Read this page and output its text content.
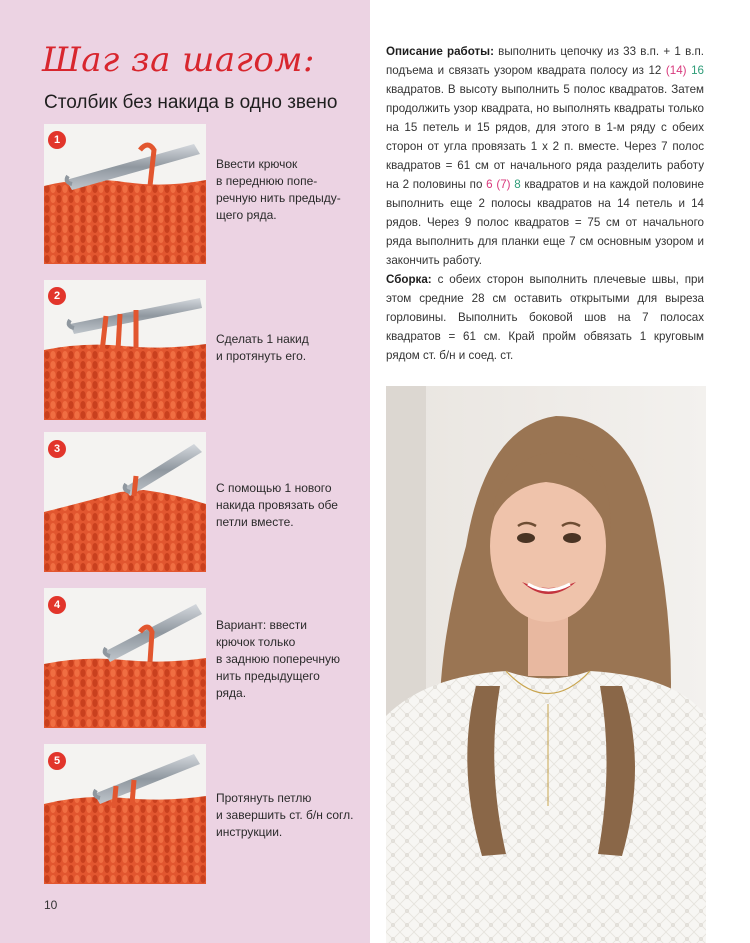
Шаг за шагом:
Столбик без накида в одно звено
1
Ввести крючок
в переднюю попе-
речную нить предыду-
щего ряда.
2
Сделать 1 накид
и протянуть его.
3
С помощью 1 нового
накида провязать обе
петли вместе.
4
Вариант: ввести
крючок только
в заднюю поперечную
нить предыдущего
ряда.
5
Протянуть петлю
и завершить ст. б/н согл.
инструкции.
10
Описание работы: выполнить цепочку из 33 в.п. + 1 в.п. подъема и связать узором квадрата полосу из 12 (14) 16 квадратов. В высоту выполнить 5 полос квадратов. Затем продолжить узор квадрата, но выполнять квадраты только на 15 петель и 15 рядов, для этого в 1-м ряду с обеих сторон от угла провязать 1 х 2 п. вместе. Через 7 полос квадратов = 61 см от начального ряда разделить работу на 2 половины по 6 (7) 8 квадратов и на каждой половине выполнить еще 2 полосы квадратов на 14 петель и 14 рядов. Через 9 полос квадратов = 75 см от начального ряда выполнить для планки еще 7 см основным узором и закончить работу.
Сборка: с обеих сторон выполнить плечевые швы, при этом средние 28 см оставить открытыми для выреза горловины. Выполнить боковой шов на 7 полосах квадратов = 61 см. Край пройм обвязать 1 круговым рядом ст. б/н и соед. ст.
